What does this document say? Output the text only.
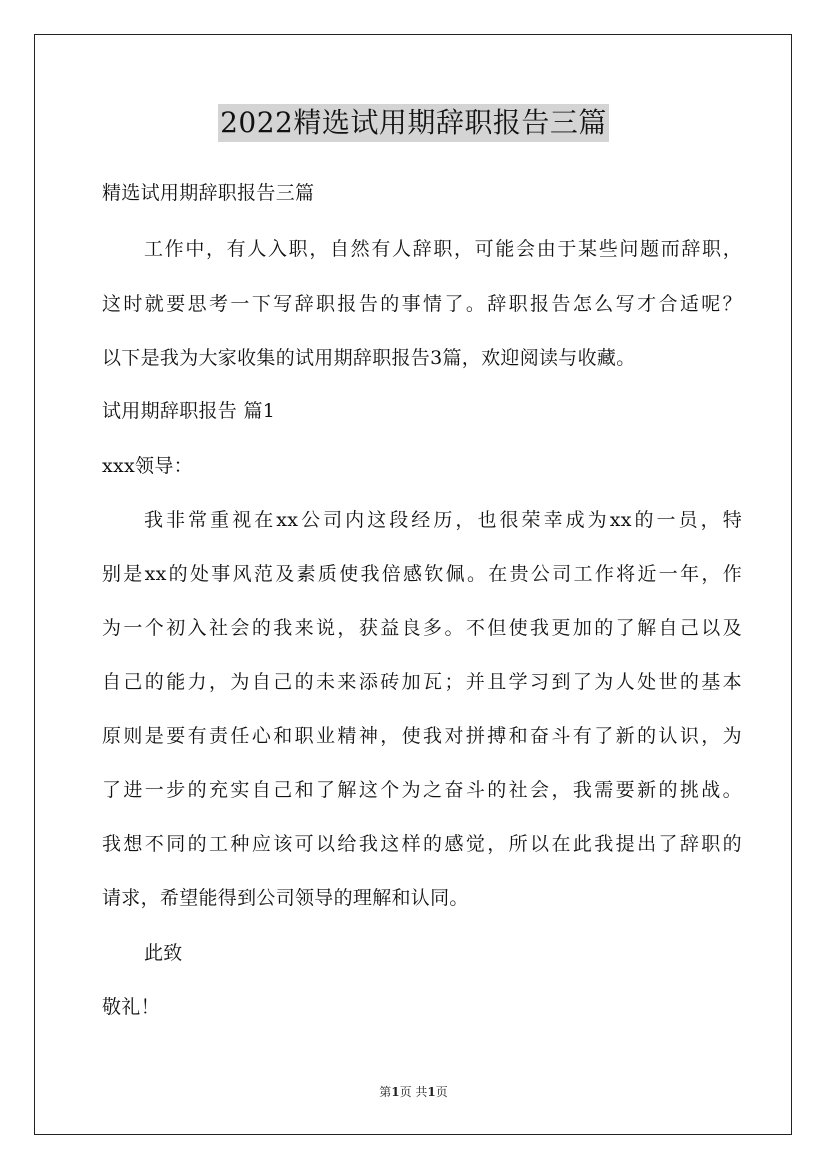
2022精选试用期辞职报告三篇
精选试用期辞职报告三篇
工作中，有人入职，自然有人辞职，可能会由于某些问题而辞职，
这时就要思考一下写辞职报告的事情了。辞职报告怎么写才合适呢？
以下是我为大家收集的试用期辞职报告3篇，欢迎阅读与收藏。
试用期辞职报告 篇1
xxx领导：
我非常重视在xx公司内这段经历，也很荣幸成为xx的一员，特
别是xx的处事风范及素质使我倍感钦佩。在贵公司工作将近一年，作
为一个初入社会的我来说，获益良多。不但使我更加的了解自己以及
自己的能力，为自己的未来添砖加瓦；并且学习到了为人处世的基本
原则是要有责任心和职业精神，使我对拼搏和奋斗有了新的认识，为
了进一步的充实自己和了解这个为之奋斗的社会，我需要新的挑战。
我想不同的工种应该可以给我这样的感觉，所以在此我提出了辞职的
请求，希望能得到公司领导的理解和认同。
此致
敬礼！
第1页 共1页
